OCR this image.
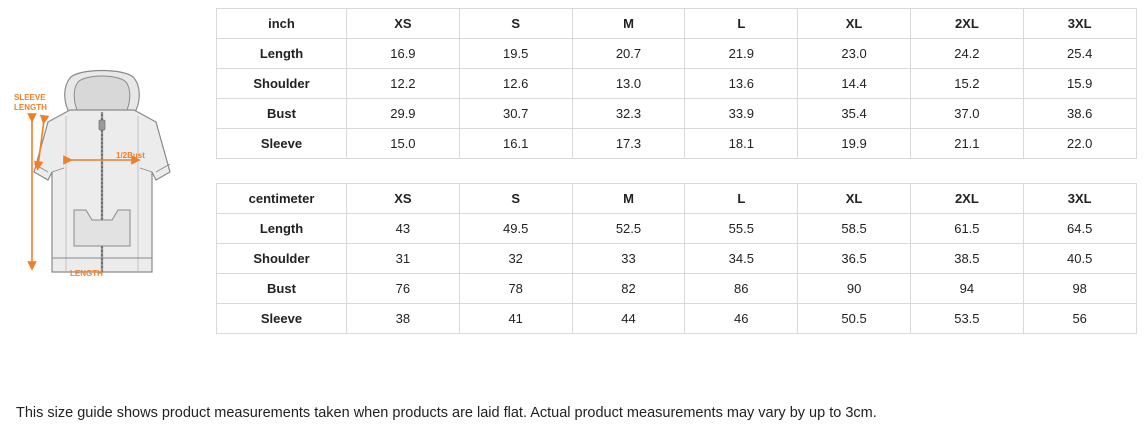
SLEEVE
LENGTH
1/2Bust
LENGTH
inch	XS	S	M	L	XL	2XL	3XL
Length	16.9	19.5	20.7	21.9	23.0	24.2	25.4
Shoulder	12.2	12.6	13.0	13.6	14.4	15.2	15.9
Bust	29.9	30.7	32.3	33.9	35.4	37.0	38.6
Sleeve	15.0	16.1	17.3	18.1	19.9	21.1	22.0
centimeter	XS	S	M	L	XL	2XL	3XL
Length	43	49.5	52.5	55.5	58.5	61.5	64.5
Shoulder	31	32	33	34.5	36.5	38.5	40.5
Bust	76	78	82	86	90	94	98
Sleeve	38	41	44	46	50.5	53.5	56
This size guide shows product measurements taken when products are laid flat. Actual product measurements may vary by up to 3cm.
